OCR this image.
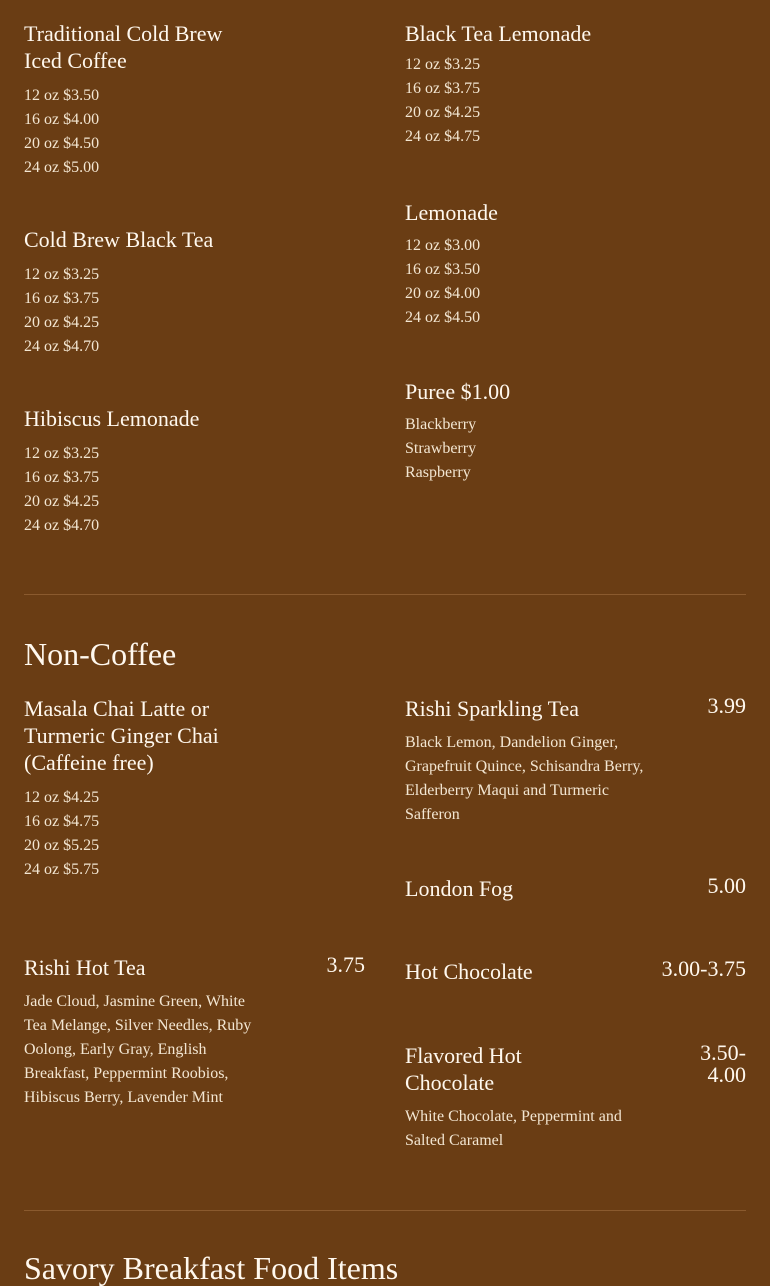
Traditional Cold Brew
Iced Coffee
12 oz $3.50
16 oz $4.00
20 oz $4.50
24 oz $5.00
Cold Brew Black Tea
12 oz $3.25
16 oz $3.75
20 oz $4.25
24 oz $4.70
Hibiscus Lemonade
12 oz $3.25
16 oz $3.75
20 oz $4.25
24 oz $4.70
Black Tea Lemonade
12 oz $3.25
16 oz $3.75
20 oz $4.25
24 oz $4.75
Lemonade
12 oz $3.00
16 oz $3.50
20 oz $4.00
24 oz $4.50
Puree $1.00
Blackberry
Strawberry
Raspberry
Non-Coffee
Masala Chai Latte or
Turmeric Ginger Chai
(Caffeine free)
12 oz $4.25
16 oz $4.75
20 oz $5.25
24 oz $5.75
Rishi Hot Tea
Jade Cloud, Jasmine Green, White Tea Melange, Silver Needles, Ruby Oolong, Early Gray, English Breakfast, Peppermint Roobios, Hibiscus Berry, Lavender Mint
3.75
Rishi Sparkling Tea
Black Lemon, Dandelion Ginger, Grapefruit Quince, Schisandra Berry, Elderberry Maqui and Turmeric Safferon
3.99
London Fog	5.00
Hot Chocolate	3.00-3.75
Flavored Hot
Chocolate
White Chocolate, Peppermint and Salted Caramel
3.50-
4.00
Savory Breakfast Food Items
